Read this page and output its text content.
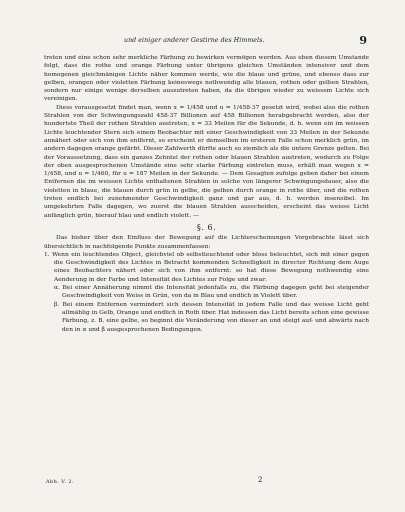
und einiger anderer Gestirne des Himmels.	9

treten und eine schon sehr merkliche Färbung zu bewirken vermögen werden. Aus eben diesem Umstande folgt, dass die rothe und orange Färbung unter übrigens gleichen Umständen intensiver und dem homogenen gleichmänigen Lichte näher kommen werde, wie die blaue und grüne, und ebenso dass zur gelben, orangen oder violetten Färbung keineswegs nothwendig alle blauen, rothen oder gelben Strahlen, sondern nur einige wenige derselben auszutreten haben, da die übrigen wieder zu weissem Lichte sich vereinigen.

Diess vorausgesetzt findet man, wenn x = 1/458 und u = 1/458·37 gesetzt wird, wobei also die rothen Strahlen von der Schwingungszahl 458·37 Billionen auf 458 Billionen herabgebracht werden, also der hundertste Theil der rothen Strahlen austreten, x = 33 Meilen für die Sekunde, d. h. wenn ein im weissen Lichte leuchtender Stern sich einem Beobachter mit einer Geschwindigkeit von 33 Meilen in der Sekunde annähert oder sich von ihm entfernt, so erscheint er demselben im ersteren Falle schon merklich grün, im andern dagegen orange gefärbt. Dieser Zahlwerth dürfte auch so ziemlich als die untere Grenze gelten. Bei der Voraussetzung, dass ein ganzes Zehntel der rothen oder blauen Strahlen austreten, wodurch zu Folge der oben ausgesprochenen Umstände eine sehr starke Färbung eintreten muss, erhält man wegen x = 1/458, und u = 1/460, für u = 187 Meilen in der Sekunde. — Dem Gesagten zufolge geben daher bei einem Entfernen die im weissen Lichte enthaltenen Strahlen in solche von längerer Schwingungsdauer, also die violetten in blaue, die blauen durch grün in gelbe, die gelben durch orange in rothe über, und die rothen treten endlich bei zunehmender Geschwindigkeit ganz und gar aus, d. h. werden insensibel. Im umgekehrten Falle dagegen, wo zuerst die blauen Strahlen ausscheiden, erscheint das weisse Licht anfänglich grün, hierauf blau und endlich violett. —

§. 6.

Das bisher über den Einfluss der Bewegung auf die Lichterscheinungen Vorgebrachte lässt sich übersichtlich in nachfolgende Punkte zusammenfassen:

1. Wenn ein leuchtendes Object, gleichviel ob selbstleuchtend oder bloss beleuchtet, sich mit einer gegen die Geschwindigkeit des Lichtes in Betracht kommenden Schnelligkeit in directer Richtung dem Auge eines Beobachters nähert oder sich von ihm entfernt: so hat diese Bewegung nothwendig eine Aenderung in der Farbe und Intensität des Lichtes zur Folge und zwar:

α. Bei einer Annäherung nimmt die Intensität jedenfalls zu, die Färbung dagegen geht bei steigender Geschwindigkeit von Weiss in Grün, von da in Blau und endlich in Violett über.

β. Bei einem Entfernen vermindert sich dessen Intensität in jedem Falle und das weisse Licht geht allmählig in Gelb, Orange und endlich in Roth über. Hat indessen das Licht bereits schon eine gewisse Färbung, z. B. eine gelbe, so beginnt die Veränderung von dieser an und steigt auf- und abwärts nach den in α und β ausgesprochenen Bedingungen.

Abh. V. 2.	2
